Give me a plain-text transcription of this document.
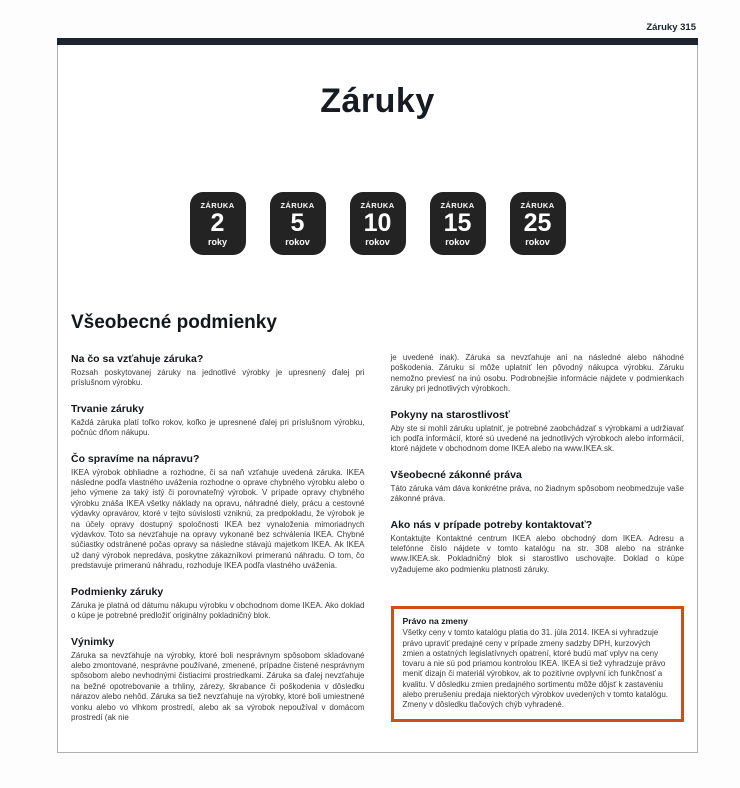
Záruky 315
Záruky
ZÁRUKA
2
roky
ZÁRUKA
5
rokov
ZÁRUKA
10
rokov
ZÁRUKA
15
rokov
ZÁRUKA
25
rokov
Všeobecné podmienky
Na čo sa vzťahuje záruka?

Rozsah poskytovanej záruky na jednotlivé výrobky je upresnený ďalej pri príslušnom výrobku.

Trvanie záruky

Každá záruka platí toľko rokov, koľko je upresnené ďalej pri príslušnom výrobku, počnúc dňom nákupu.

Čo spravíme na nápravu?

IKEA výrobok obhliadne a rozhodne, či sa naň vzťahuje uvedená záruka. IKEA následne podľa vlastného uváženia rozhodne o oprave chybného výrobku alebo o jeho výmene za taký istý či porovnateľný výrobok. V prípade opravy chybného výrobku znáša IKEA všetky náklady na opravu, náhradné diely, prácu a cestovné výdavky opravárov, ktoré v tejto súvislosti vzniknú, za predpokladu, že výrobok je na účely opravy dostupný spoločnosti IKEA bez vynaloženia mimoriadnych výdavkov. Toto sa nevzťahuje na opravy vykonané bez schválenia IKEA. Chybné súčiastky odstránené počas opravy sa následne stávajú majetkom IKEA. Ak IKEA už daný výrobok nepredáva, poskytne zákazníkovi primeranú náhradu. O tom, čo predstavuje primeranú náhradu, rozhoduje IKEA podľa vlastného uváženia.

Podmienky záruky

Záruka je platná od dátumu nákupu výrobku v obchodnom dome IKEA. Ako doklad o kúpe je potrebné predložiť originálny pokladničný blok.

Výnimky

Záruka sa nevzťahuje na výrobky, ktoré boli nesprávnym spôsobom skladované alebo zmontované, nesprávne používané, zmenené, prípadne čistené nesprávnym spôsobom alebo nevhodnými čistiacimi prostriedkami. Záruka sa ďalej nevzťahuje na bežné opotrebovanie a trhliny, zárezy, škrabance či poškodenia v dôsledku nárazov alebo nehôd. Záruka sa tiež nevzťahuje na výrobky, ktoré boli umiestnené vonku alebo vo vlhkom prostredí, alebo ak sa výrobok nepoužíval v domácom prostredí (ak nie

je uvedené inak). Záruka sa nevzťahuje ani na následné alebo náhodné poškodenia. Záruku si môže uplatniť len pôvodný nákupca výrobku. Záruku nemožno previesť na inú osobu. Podrobnejšie informácie nájdete v podmienkach záruky pri jednotlivých výrobkoch.

Pokyny na starostlivosť

Aby ste si mohli záruku uplatniť, je potrebné zaobchádzať s výrobkami a udržiavať ich podľa informácií, ktoré sú uvedené na jednotlivých výrobkoch alebo informácií, ktoré nájdete v obchodnom dome IKEA alebo na www.IKEA.sk.

Všeobecné zákonné práva

Táto záruka vám dáva konkrétne práva, no žiadnym spôsobom neobmedzuje vaše zákonné práva.

Ako nás v prípade potreby kontaktovať?

Kontaktujte Kontaktné centrum IKEA alebo obchodný dom IKEA. Adresu a telefónne číslo nájdete v tomto katalógu na str. 308 alebo na stránke www.IKEA.sk. Pokladničný blok si starostlivo uschovajte. Doklad o kúpe vyžadujeme ako podmienku platnosti záruky.

Právo na zmeny

Všetky ceny v tomto katalógu platia do 31. júla 2014. IKEA si vyhradzuje právo upraviť predajné ceny v prípade zmeny sadzby DPH, kurzových zmien a ostatných legislatívnych opatrení, ktoré budú mať vplyv na ceny tovaru a nie sú pod priamou kontrolou IKEA. IKEA si tiež vyhradzuje právo meniť dizajn či materiál výrobkov, ak to pozitívne ovplyvní ich funkčnosť a kvalitu. V dôsledku zmien predajného sortimentu môže dôjsť k zastaveniu alebo prerušeniu predaja niektorých výrobkov uvedených v tomto katalógu. Zmeny v dôsledku tlačových chýb vyhradené.
